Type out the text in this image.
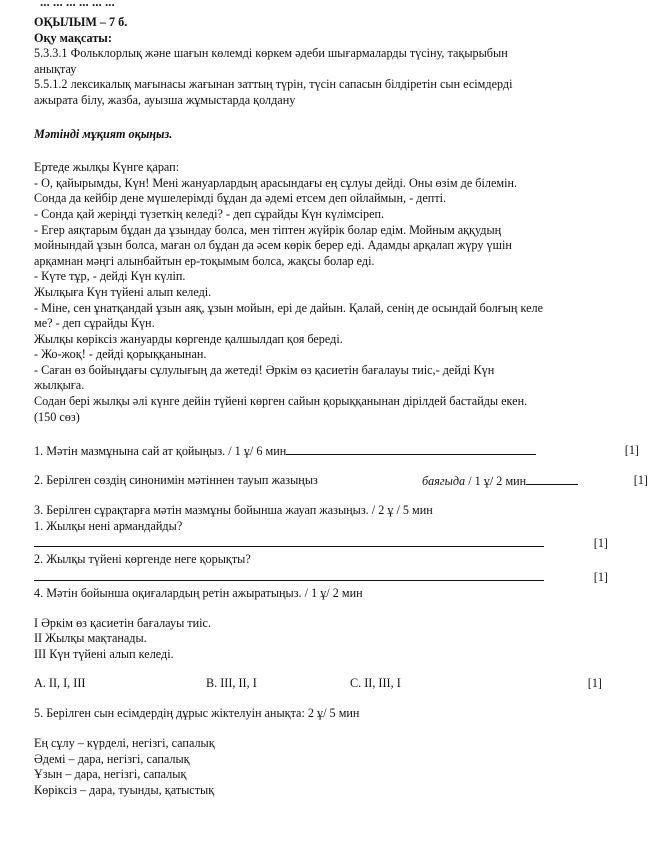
... ... ... ... ... ...
ОҚЫЛЫМ – 7 б.
Оқу мақсаты:
5.3.3.1 Фольклорлық және шағын көлемді көркем әдеби шығармаларды түсіну, тақырыбын
анықтау
5.5.1.2 лексикалық мағынасы жағынан заттың түрін, түсін сапасын білдіретін сын есімдерді
ажырата білу, жазба, ауызша жұмыстарда қолдану
Мәтінді мұқият оқыңыз.
Ертеде жылқы Күнге қарап:
- О, қайырымды, Күн! Мені жануарлардың арасындағы ең сұлуы дейді. Оны өзім де білемін.
Сонда да кейбір дене мүшелерімді бұдан да әдемі етсем деп ойлаймын, - депті.
- Сонда қай жеріңді түзеткің келеді? - деп сұрайды Күн күлімсіреп.
- Егер аяқтарым бұдан да ұзындау болса, мен тіптен жүйрік болар едім. Мойным аққудың
мойнындай ұзын болса, маған ол бұдан да әсем көрік берер еді. Адамды арқалап жүру үшін
арқамнан мәңгі алынбайтын ер-тоқымым болса, жақсы болар еді.
- Күте тұр, - дейді Күн күліп.
Жылқыға Күн түйені алып келеді.
- Міне, сен ұнатқандай ұзын аяқ, ұзын мойын, ері де дайын. Қалай, сенің де осындай болғың келе
ме? - деп сұрайды Күн.
Жылқы көріксіз жануарды көргенде қалшылдап қоя береді.
- Жо-жоқ! - дейді қорыққанынан.
- Саған өз бойыңдағы сұлулығың да жетеді! Әркім өз қасиетін бағалауы тиіс,- дейді Күн
жылқыға.
Содан бері жылқы әлі күнге дейін түйені көрген сайын қорыққанынан дірілдей бастайды екен.
(150 сөз)
1. Мәтін мазмұнына сай ат қойыңыз. / 1 ұ/ 6 мин	[1]
2. Берілген сөздің синонимін мәтіннен тауып жазыңыз	баягыда / 1 ұ/ 2 мин	[1]
3. Берілген сұрақтарға мәтін мазмұны бойынша жауап жазыңыз. / 2 ұ / 5 мин
1. Жылқы нені армандайды?
[1]
2. Жылқы түйені көргенде неге қорықты?
[1]
4. Мәтін бойынша оқиғалардың ретін ажыратыңыз. / 1 ұ/ 2 мин
I Әркім өз қасиетін бағалауы тиіс.
II Жылқы мақтанады.
III Күн түйені алып келеді.
А. ІІ, І, ІІІ	В. ІІІ, ІІ, І	С. ІІ, ІІІ, І	[1]
5. Берілген сын есімдердің дұрыс жіктелуін анықта: 2 ұ/ 5 мин
Ең сұлу – күрделі, негізгі, сапалық
Әдемі – дара, негізгі, сапалық
Ұзын – дара, негізгі, сапалық
Көріксіз – дара, туынды, қатыстық
